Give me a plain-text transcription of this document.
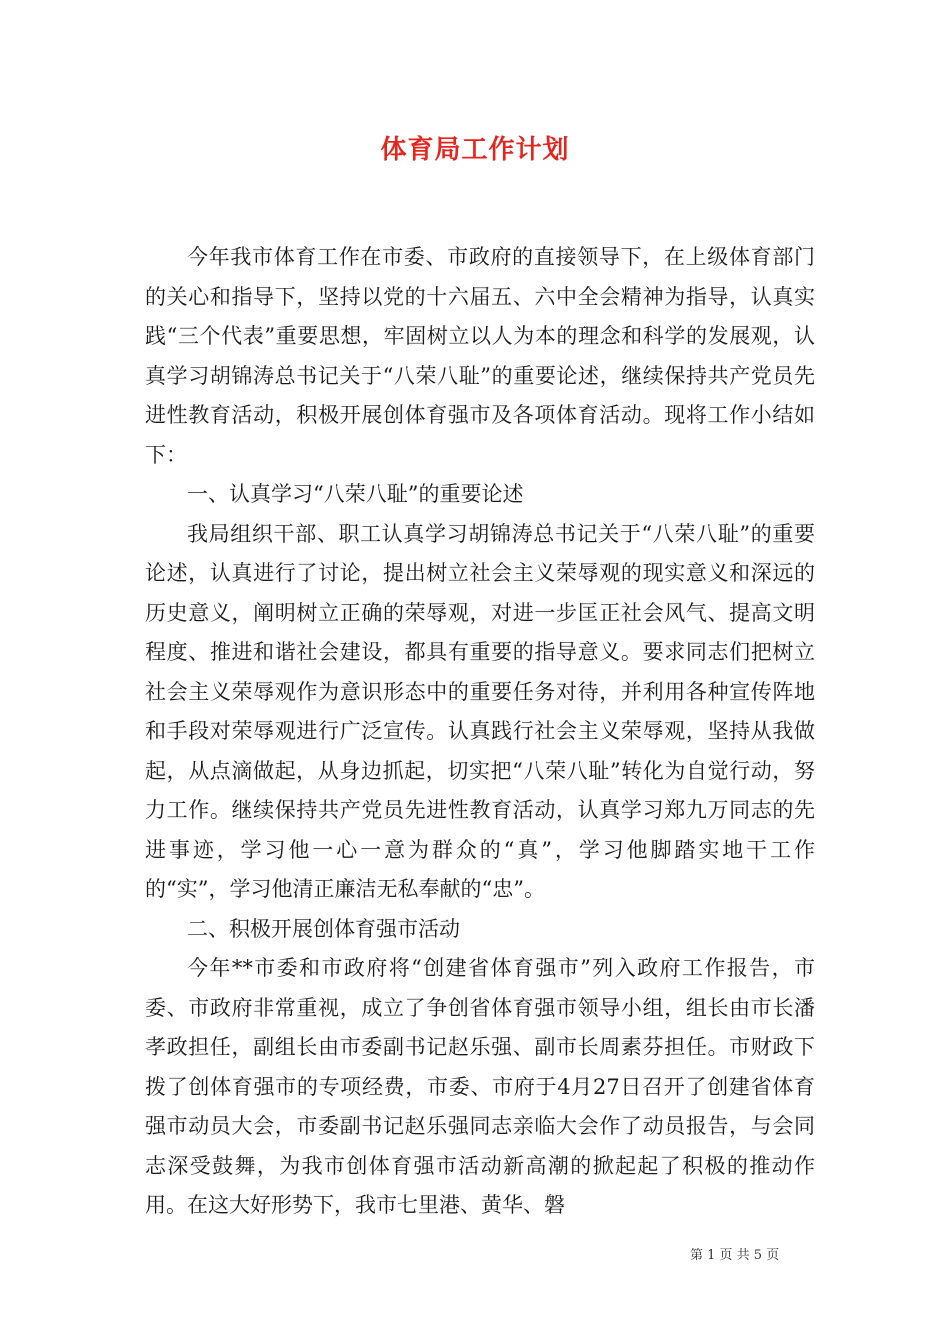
体育局工作计划

今年我市体育工作在市委、市政府的直接领导下，在上级体育部门的关心和指导下，坚持以党的十六届五、六中全会精神为指导，认真实践“三个代表”重要思想，牢固树立以人为本的理念和科学的发展观，认真学习胡锦涛总书记关于“八荣八耻”的重要论述，继续保持共产党员先进性教育活动，积极开展创体育强市及各项体育活动。现将工作小结如下：

一、认真学习“八荣八耻”的重要论述

我局组织干部、职工认真学习胡锦涛总书记关于“八荣八耻”的重要论述，认真进行了讨论，提出树立社会主义荣辱观的现实意义和深远的历史意义，阐明树立正确的荣辱观，对进一步匡正社会风气、提高文明程度、推进和谐社会建设，都具有重要的指导意义。要求同志们把树立社会主义荣辱观作为意识形态中的重要任务对待，并利用各种宣传阵地和手段对荣辱观进行广泛宣传。认真践行社会主义荣辱观，坚持从我做起，从点滴做起，从身边抓起，切实把“八荣八耻”转化为自觉行动，努力工作。继续保持共产党员先进性教育活动，认真学习郑九万同志的先进事迹，学习他一心一意为群众的“真”，学习他脚踏实地干工作的“实”，学习他清正廉洁无私奉献的“忠”。

二、积极开展创体育强市活动

今年**市委和市政府将“创建省体育强市”列入政府工作报告，市委、市政府非常重视，成立了争创省体育强市领导小组，组长由市长潘孝政担任，副组长由市委副书记赵乐强、副市长周素芬担任。市财政下拨了创体育强市的专项经费，市委、市府于4月27日召开了创建省体育强市动员大会，市委副书记赵乐强同志亲临大会作了动员报告，与会同志深受鼓舞，为我市创体育强市活动新高潮的掀起起了积极的推动作用。在这大好形势下，我市七里港、黄华、磐

第 1 页 共 5 页
